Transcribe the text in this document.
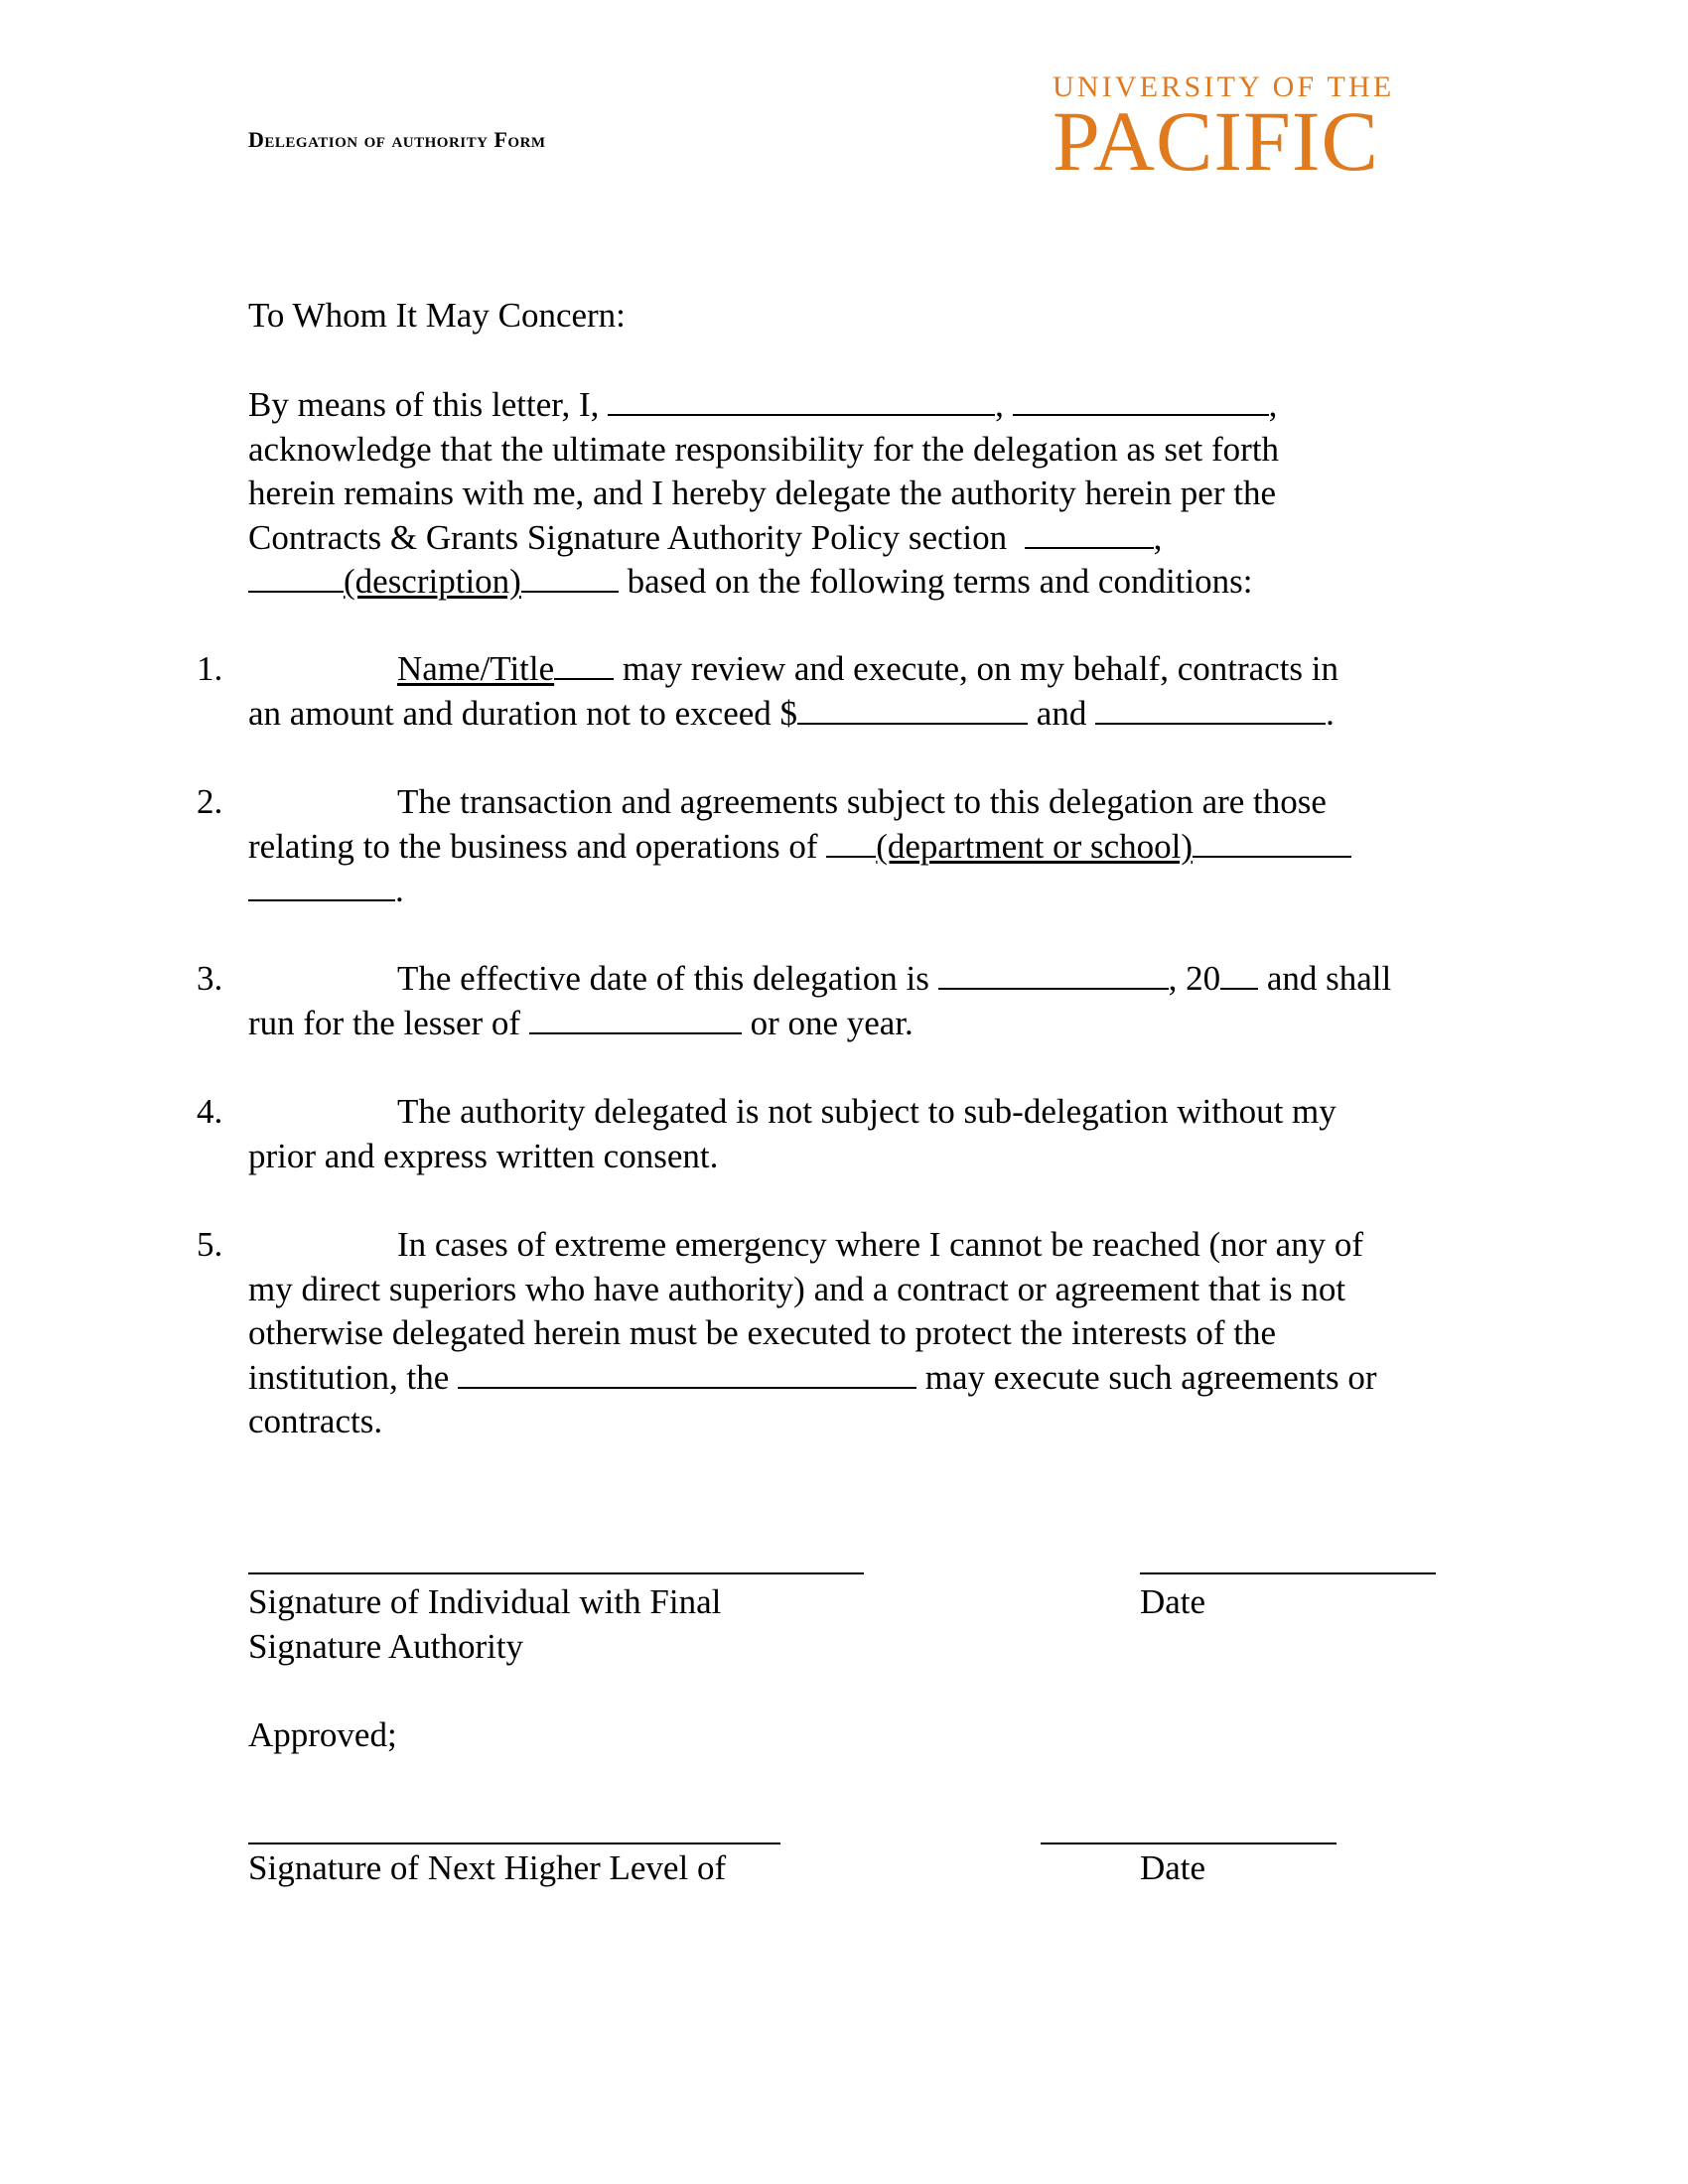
Delegation of authority Form
UNIVERSITY OF THE
PACIFIC
To Whom It May Concern:
By means of this letter, I,	,	,
acknowledge that the ultimate responsibility for the delegation as set forth
herein remains with me, and I hereby delegate the authority herein per the
Contracts & Grants Signature Authority Policy section	,
(description)	based on the following terms and conditions:
1.	Name/Title may review and execute, on my behalf, contracts in
an amount and duration not to exceed $	and	.
2.	The transaction and agreements subject to this delegation are those
relating to the business and operations of (department or school)
.
3.	The effective date of this delegation is	, 20 and shall
run for the lesser of	or one year.
4.	The authority delegated is not subject to sub-delegation without my
prior and express written consent.
5.	In cases of extreme emergency where I cannot be reached (nor any of
my direct superiors who have authority) and a contract or agreement that is not
otherwise delegated herein must be executed to protect the interests of the
institution, the	may execute such agreements or
contracts.
Signature of Individual with Final
Signature Authority
Date
Approved;
Signature of Next Higher Level of	Date
